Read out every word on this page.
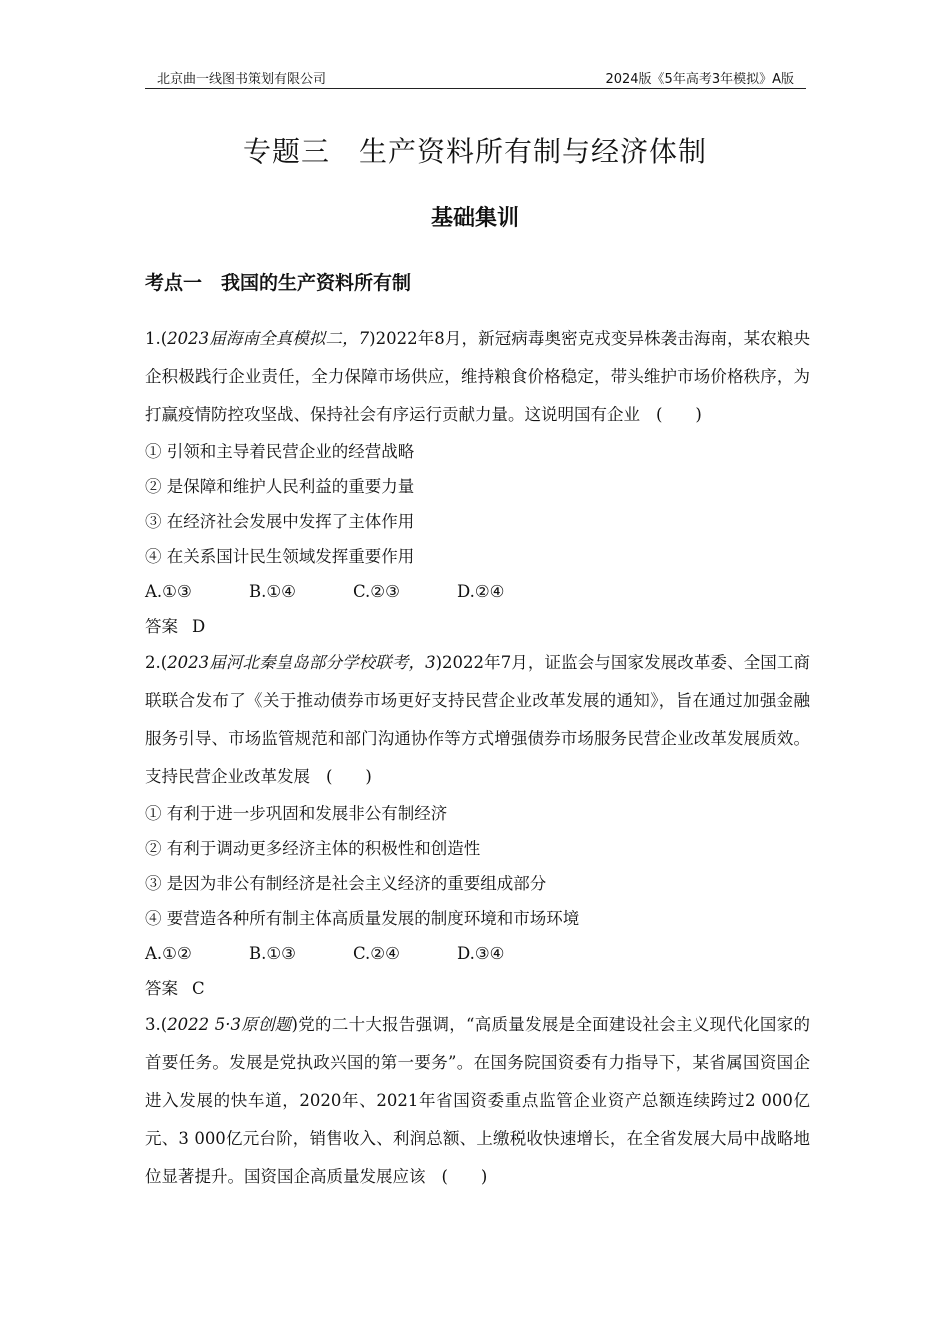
北京曲一线图书策划有限公司	2024版《5年高考3年模拟》A版
专题三　生产资料所有制与经济体制
基础集训
考点一　我国的生产资料所有制
1.(2023届海南全真模拟二，7)2022年8月，新冠病毒奥密克戎变异株袭击海南，某农粮央企积极践行企业责任，全力保障市场供应，维持粮食价格稳定，带头维护市场价格秩序，为打赢疫情防控攻坚战、保持社会有序运行贡献力量。这说明国有企业 (　　)
① 引领和主导着民营企业的经营战略
② 是保障和维护人民利益的重要力量
③ 在经济社会发展中发挥了主体作用
④ 在关系国计民生领域发挥重要作用
A.①③	B.①④	C.②③	D.②④
答案 D
2.(2023届河北秦皇岛部分学校联考，3)2022年7月，证监会与国家发展改革委、全国工商联联合发布了《关于推动债券市场更好支持民营企业改革发展的通知》，旨在通过加强金融服务引导、市场监管规范和部门沟通协作等方式增强债券市场服务民营企业改革发展质效。支持民营企业改革发展 (　　)
① 有利于进一步巩固和发展非公有制经济
② 有利于调动更多经济主体的积极性和创造性
③ 是因为非公有制经济是社会主义经济的重要组成部分
④ 要营造各种所有制主体高质量发展的制度环境和市场环境
A.①②	B.①③	C.②④	D.③④
答案 C
3.(2022 5·3原创题)党的二十大报告强调，“高质量发展是全面建设社会主义现代化国家的首要任务。发展是党执政兴国的第一要务”。在国务院国资委有力指导下，某省属国资国企进入发展的快车道，2020年、2021年省国资委重点监管企业资产总额连续跨过2 000亿元、3 000亿元台阶，销售收入、利润总额、上缴税收快速增长，在全省发展大局中战略地位显著提升。国资国企高质量发展应该 (　　)
